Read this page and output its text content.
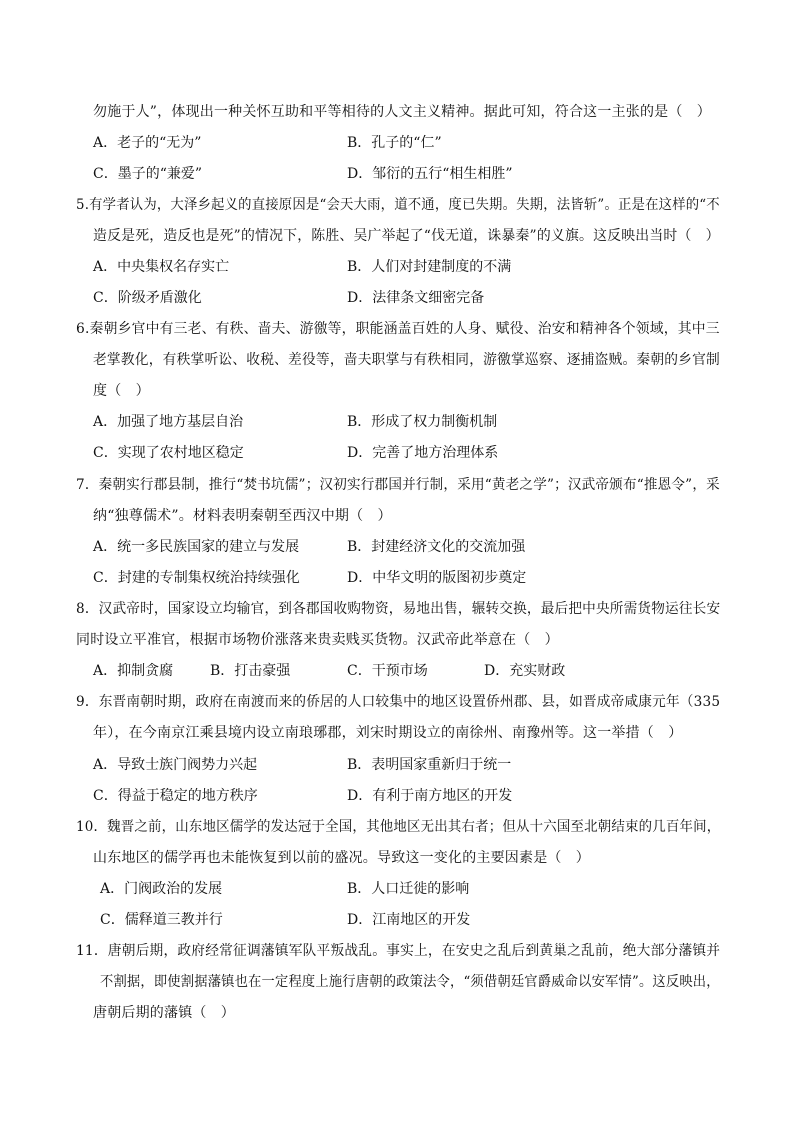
勿施于人”，体现出一种关怀互助和平等相待的人文主义精神。据此可知，符合这一主张的是（　）
A．老子的“无为”	B．孔子的“仁”
C．墨子的“兼爱”	D．邹衍的五行“相生相胜”
5.有学者认为，大泽乡起义的直接原因是“会天大雨，道不通，度已失期。失期，法皆斩”。正是在这样的“不
造反是死，造反也是死”的情况下，陈胜、吴广举起了“伐无道，诛暴秦”的义旗。这反映出当时（　）
A．中央集权名存实亡	B．人们对封建制度的不满
C．阶级矛盾激化	D．法律条文细密完备
6.秦朝乡官中有三老、有秩、啬夫、游徼等，职能涵盖百姓的人身、赋役、治安和精神各个领域，其中三
老掌教化，有秩掌听讼、收税、差役等，啬夫职掌与有秩相同，游徼掌巡察、逐捕盗贼。秦朝的乡官制
度（　）
A．加强了地方基层自治	B．形成了权力制衡机制
C．实现了农村地区稳定	D．完善了地方治理体系
7．秦朝实行郡县制，推行“焚书坑儒”；汉初实行郡国并行制，采用“黄老之学”；汉武帝颁布“推恩令”，采
纳“独尊儒术”。材料表明秦朝至西汉中期（　）
A．统一多民族国家的建立与发展	B．封建经济文化的交流加强
C．封建的专制集权统治持续强化	D．中华文明的版图初步奠定
8．汉武帝时，国家设立均输官，到各郡国收购物资，易地出售，辗转交换，最后把中央所需货物运往长安
同时设立平准官，根据市场物价涨落来贵卖贱买货物。汉武帝此举意在（　）
A．抑制贪腐	B．打击豪强	C．干预市场	D．充实财政
9．东晋南朝时期，政府在南渡而来的侨居的人口较集中的地区设置侨州郡、县，如晋成帝咸康元年（335
年），在今南京江乘县境内设立南琅琊郡，刘宋时期设立的南徐州、南豫州等。这一举措（　）
A．导致士族门阀势力兴起	B．表明国家重新归于统一
C．得益于稳定的地方秩序	D．有利于南方地区的开发
10．魏晋之前，山东地区儒学的发达冠于全国，其他地区无出其右者；但从十六国至北朝结束的几百年间，
山东地区的儒学再也未能恢复到以前的盛况。导致这一变化的主要因素是（　）
A．门阀政治的发展	B．人口迁徙的影响
C．儒释道三教并行	D．江南地区的开发
11．唐朝后期，政府经常征调藩镇军队平叛战乱。事实上，在安史之乱后到黄巢之乱前，绝大部分藩镇并
不割据，即使割据藩镇也在一定程度上施行唐朝的政策法令，“须借朝廷官爵威命以安军情”。这反映出，
唐朝后期的藩镇（　）
